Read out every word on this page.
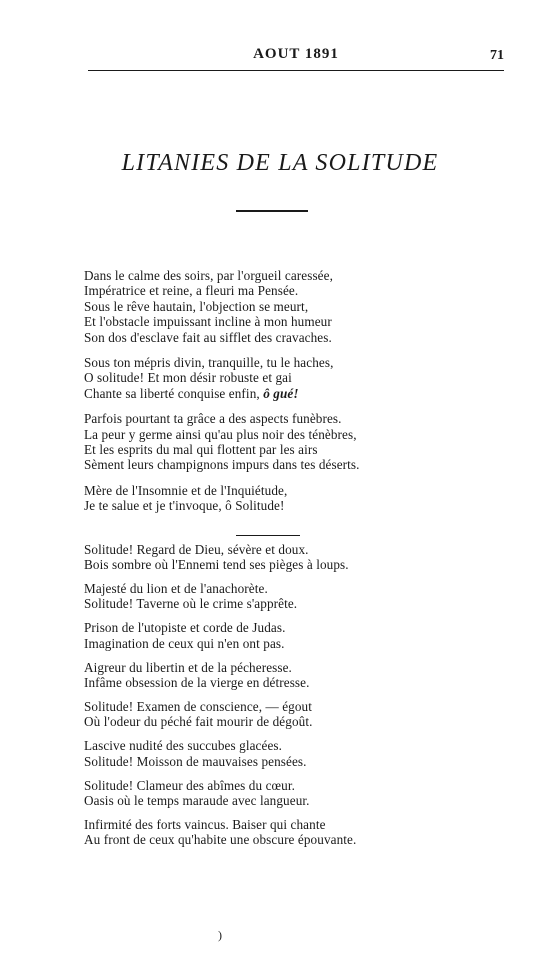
AOUT 1891	71
LITANIES DE LA SOLITUDE
Dans le calme des soirs, par l'orgueil caressée,
Impératrice et reine, a fleuri ma Pensée.
Sous le rêve hautain, l'objection se meurt,
Et l'obstacle impuissant incline à mon humeur
Son dos d'esclave fait au sifflet des cravaches.
Sous ton mépris divin, tranquille, tu le haches,
O solitude! Et mon désir robuste et gai
Chante sa liberté conquise enfin, ô gué!
Parfois pourtant ta grâce a des aspects funèbres.
La peur y germe ainsi qu'au plus noir des ténèbres,
Et les esprits du mal qui flottent par les airs
Sèment leurs champignons impurs dans tes déserts.
Mère de l'Insomnie et de l'Inquiétude,
Je te salue et je t'invoque, ô Solitude!
Solitude! Regard de Dieu, sévère et doux.
Bois sombre où l'Ennemi tend ses pièges à loups.
Majesté du lion et de l'anachorète.
Solitude! Taverne où le crime s'apprête.
Prison de l'utopiste et corde de Judas.
Imagination de ceux qui n'en ont pas.
Aigreur du libertin et de la pécheresse.
Infâme obsession de la vierge en détresse.
Solitude! Examen de conscience, — égout
Où l'odeur du péché fait mourir de dégoût.
Lascive nudité des succubes glacées.
Solitude! Moisson de mauvaises pensées.
Solitude! Clameur des abîmes du cœur.
Oasis où le temps maraude avec langueur.
Infirmité des forts vaincus. Baiser qui chante
Au front de ceux qu'habite une obscure épouvante.
)
